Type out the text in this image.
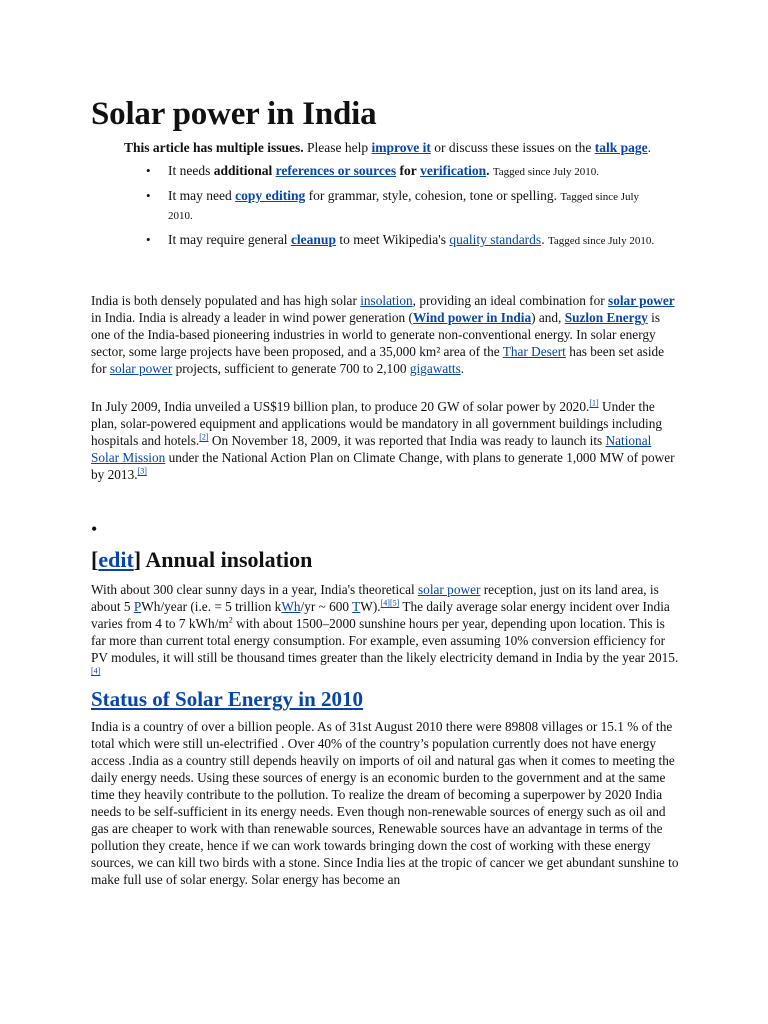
Solar power in India

This article has multiple issues. Please help improve it or discuss these issues on the talk page.

• It needs additional references or sources for verification. Tagged since July 2010.
• It may need copy editing for grammar, style, cohesion, tone or spelling. Tagged since July 2010.
• It may require general cleanup to meet Wikipedia's quality standards. Tagged since July 2010.

India is both densely populated and has high solar insolation, providing an ideal combination for solar power in India. India is already a leader in wind power generation (Wind power in India) and, Suzlon Energy is one of the India-based pioneering industries in world to generate non-conventional energy. In solar energy sector, some large projects have been proposed, and a 35,000 km² area of the Thar Desert has been set aside for solar power projects, sufficient to generate 700 to 2,100 gigawatts.

In July 2009, India unveiled a US$19 billion plan, to produce 20 GW of solar power by 2020.[1] Under the plan, solar-powered equipment and applications would be mandatory in all government buildings including hospitals and hotels.[2] On November 18, 2009, it was reported that India was ready to launch its National Solar Mission under the National Action Plan on Climate Change, with plans to generate 1,000 MW of power by 2013.[3]

•
[edit] Annual insolation

With about 300 clear sunny days in a year, India's theoretical solar power reception, just on its land area, is about 5 PWh/year (i.e. = 5 trillion kWh/yr ~ 600 TW).[4][5] The daily average solar energy incident over India varies from 4 to 7 kWh/$m^2$ with about 1500–2000 sunshine hours per year, depending upon location. This is far more than current total energy consumption. For example, even assuming 10% conversion efficiency for PV modules, it will still be thousand times greater than the likely electricity demand in India by the year 2015.[4]

Status of Solar Energy in 2010

India is a country of over a billion people. As of 31st August 2010 there were 89808 villages or 15.1 % of the total which were still un-electrified . Over 40% of the country’s population currently does not have energy access .India as a country still depends heavily on imports of oil and natural gas when it comes to meeting the daily energy needs. Using these sources of energy is an economic burden to the government and at the same time they heavily contribute to the pollution. To realize the dream of becoming a superpower by 2020 India needs to be self-sufficient in its energy needs. Even though non-renewable sources of energy such as oil and gas are cheaper to work with than renewable sources, Renewable sources have an advantage in terms of the pollution they create, hence if we can work towards bringing down the cost of working with these energy sources, we can kill two birds with a stone. Since India lies at the tropic of cancer we get abundant sunshine to make full use of solar energy. Solar energy has become an
